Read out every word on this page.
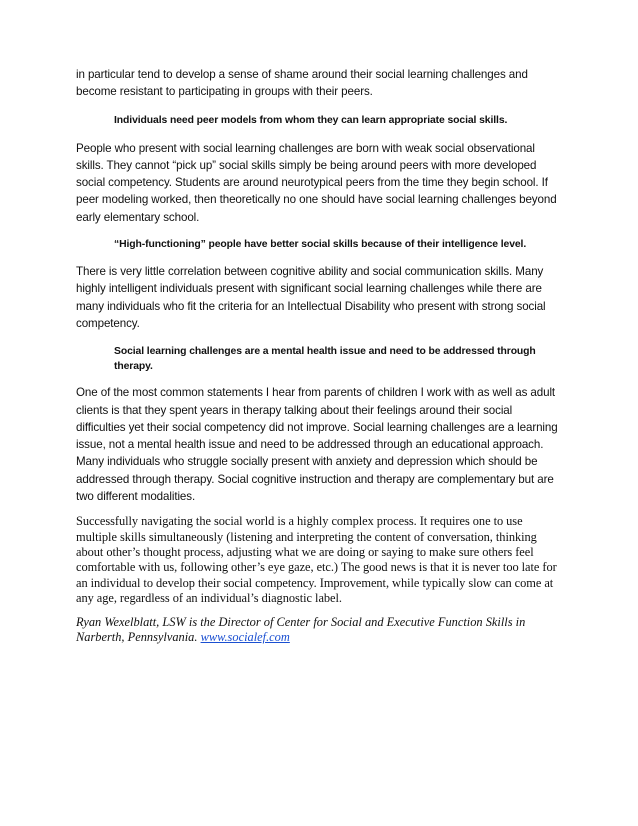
in particular tend to develop a sense of shame around their social learning challenges and become resistant to participating in groups with their peers.

Individuals need peer models from whom they can learn appropriate social skills.

People who present with social learning challenges are born with weak social observational skills. They cannot “pick up” social skills simply be being around peers with more developed social competency. Students are around neurotypical peers from the time they begin school. If peer modeling worked, then theoretically no one should have social learning challenges beyond early elementary school.

“High-functioning” people have better social skills because of their intelligence level.

There is very little correlation between cognitive ability and social communication skills. Many highly intelligent individuals present with significant social learning challenges while there are many individuals who fit the criteria for an Intellectual Disability who present with strong social competency.

Social learning challenges are a mental health issue and need to be addressed through therapy.

One of the most common statements I hear from parents of children I work with as well as adult clients is that they spent years in therapy talking about their feelings around their social difficulties yet their social competency did not improve. Social learning challenges are a learning issue, not a mental health issue and need to be addressed through an educational approach. Many individuals who struggle socially present with anxiety and depression which should be addressed through therapy. Social cognitive instruction and therapy are complementary but are two different modalities.

Successfully navigating the social world is a highly complex process. It requires one to use multiple skills simultaneously (listening and interpreting the content of conversation, thinking about other’s thought process, adjusting what we are doing or saying to make sure others feel comfortable with us, following other’s eye gaze, etc.) The good news is that it is never too late for an individual to develop their social competency. Improvement, while typically slow can come at any age, regardless of an individual’s diagnostic label.

Ryan Wexelblatt, LSW is the Director of Center for Social and Executive Function Skills in Narberth, Pennsylvania. www.socialef.com
